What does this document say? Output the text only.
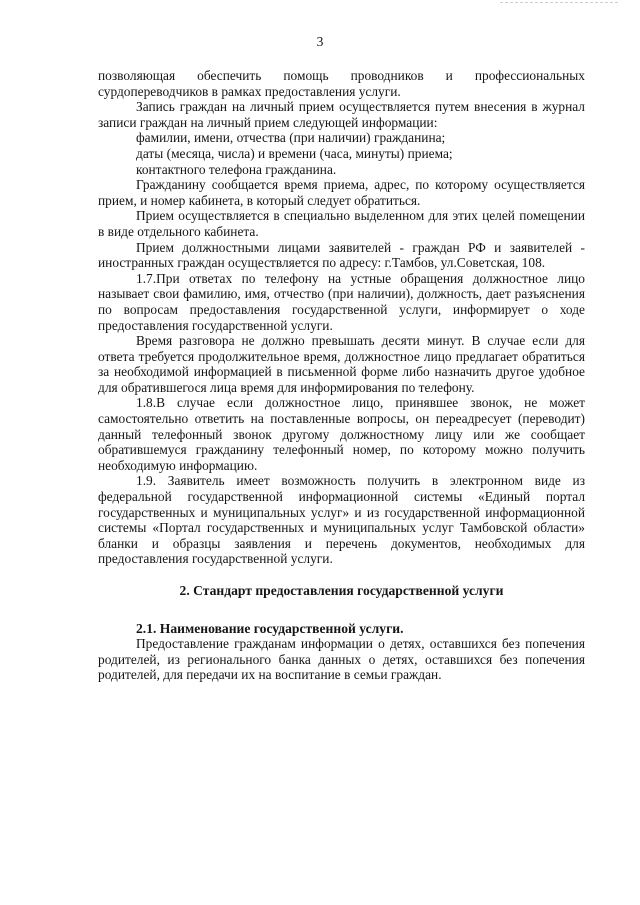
3

позволяющая обеспечить помощь проводников и профессиональных сурдопереводчиков в рамках предоставления услуги.

Запись граждан на личный прием осуществляется путем внесения в журнал записи граждан на личный прием следующей информации:

фамилии, имени, отчества (при наличии) гражданина;

даты (месяца, числа) и времени (часа, минуты) приема;

контактного телефона гражданина.

Гражданину сообщается время приема, адрес, по которому осуществляется прием, и номер кабинета, в который следует обратиться.

Прием осуществляется в специально выделенном для этих целей помещении в виде отдельного кабинета.

Прием должностными лицами заявителей - граждан РФ и заявителей - иностранных граждан осуществляется по адресу: г.Тамбов, ул.Советская, 108.

1.7.При ответах по телефону на устные обращения должностное лицо называет свои фамилию, имя, отчество (при наличии), должность, дает разъяснения по вопросам предоставления государственной услуги, информирует о ходе предоставления государственной услуги.

Время разговора не должно превышать десяти минут. В случае если для ответа требуется продолжительное время, должностное лицо предлагает обратиться за необходимой информацией в письменной форме либо назначить другое удобное для обратившегося лица время для информирования по телефону.

1.8.В случае если должностное лицо, принявшее звонок, не может самостоятельно ответить на поставленные вопросы, он переадресует (переводит) данный телефонный звонок другому должностному лицу или же сообщает обратившемуся гражданину телефонный номер, по которому можно получить необходимую информацию.

1.9. Заявитель имеет возможность получить в электронном виде из федеральной государственной информационной системы «Единый портал государственных и муниципальных услуг» и из государственной информационной системы «Портал государственных и муниципальных услуг Тамбовской области» бланки и образцы заявления и перечень документов, необходимых для предоставления государственной услуги.

2. Стандарт предоставления государственной услуги

2.1. Наименование государственной услуги.

Предоставление гражданам информации о детях, оставшихся без попечения родителей, из регионального банка данных о детях, оставшихся без попечения родителей, для передачи их на воспитание в семьи граждан.
